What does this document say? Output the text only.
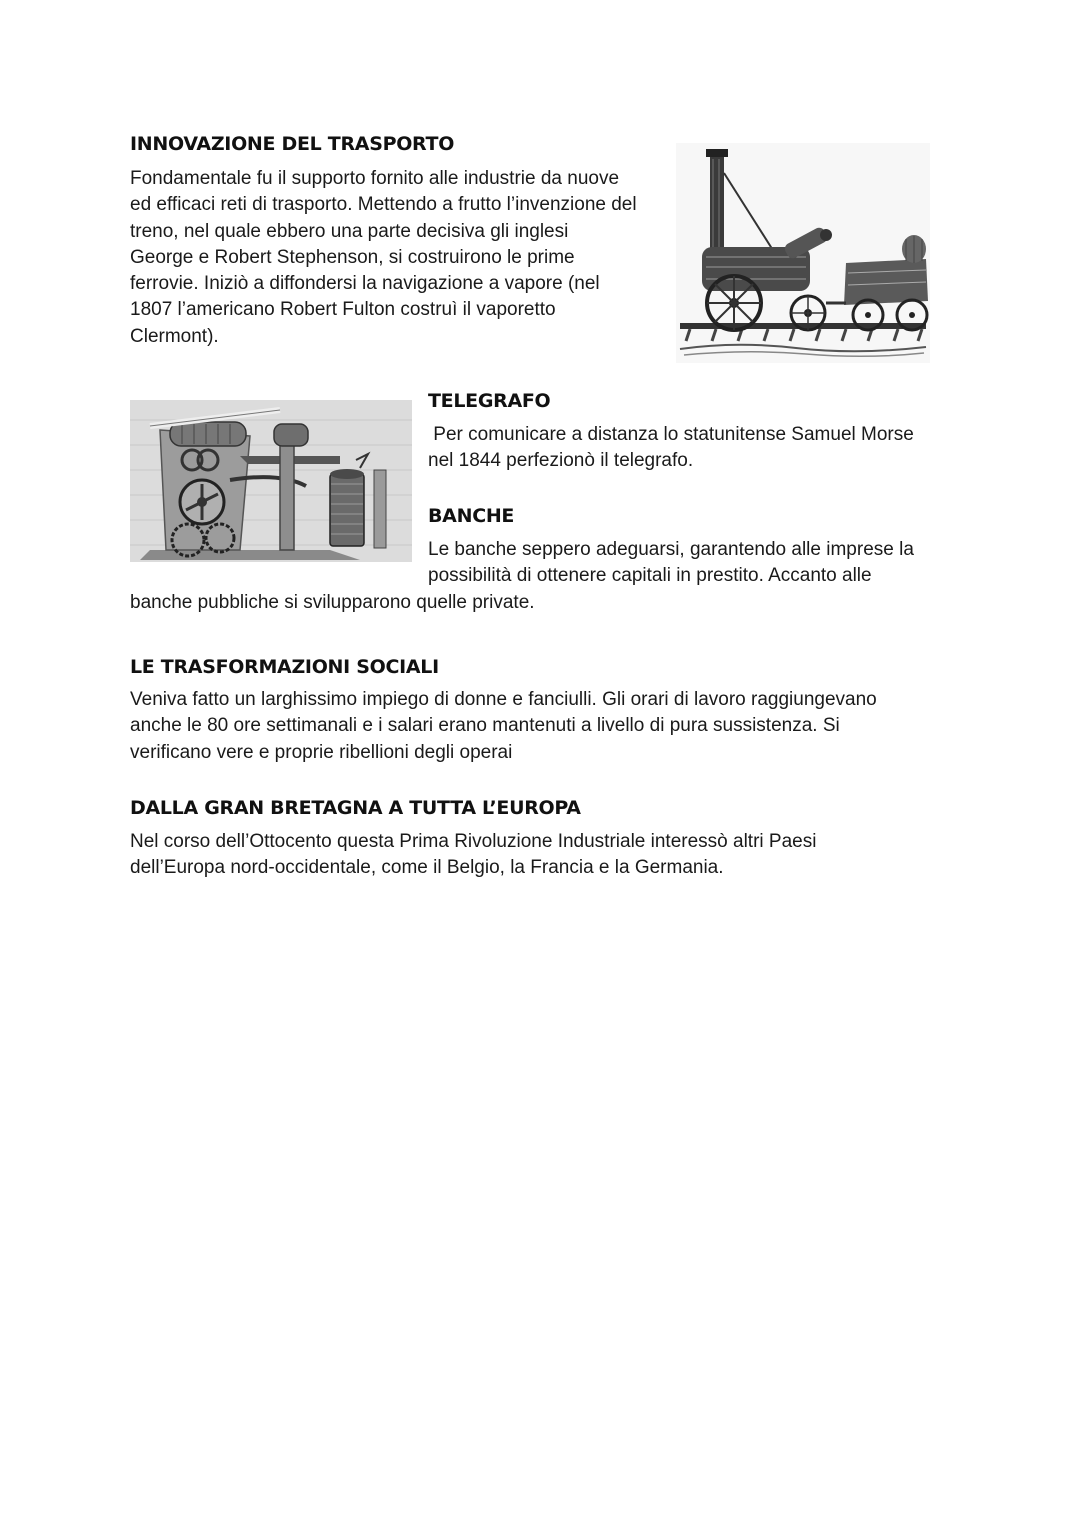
INNOVAZIONE DEL TRASPORTO

Fondamentale fu il supporto fornito alle industrie da nuove
ed efficaci reti di trasporto. Mettendo a frutto l’invenzione del
treno, nel quale ebbero una parte decisiva gli inglesi
George e Robert Stephenson, si costruirono le prime
ferrovie. Iniziò a diffondersi la navigazione a vapore (nel
1807 l’americano Robert Fulton costruì il vaporetto
Clermont).

TELEGRAFO

Per comunicare a distanza lo statunitense Samuel Morse
nel 1844 perfezionò il telegrafo.

BANCHE

Le banche seppero adeguarsi, garantendo alle imprese la
possibilità di ottenere capitali in prestito. Accanto alle

banche pubbliche si svilupparono quelle private.

LE TRASFORMAZIONI SOCIALI

Veniva fatto un larghissimo impiego di donne e fanciulli. Gli orari di lavoro raggiungevano
anche le 80 ore settimanali e i salari erano mantenuti a livello di pura sussistenza. Si
verificano vere e proprie ribellioni degli operai

DALLA GRAN BRETAGNA A TUTTA L’EUROPA

Nel corso dell’Ottocento questa Prima Rivoluzione Industriale interessò altri Paesi
dell’Europa nord-occidentale, come il Belgio, la Francia e la Germania.
